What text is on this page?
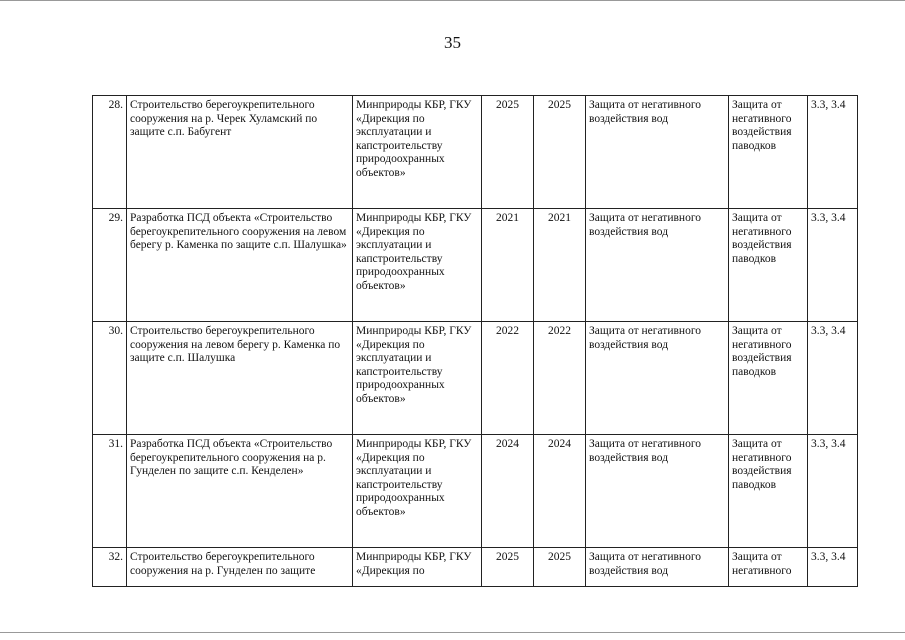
35
28.	Строительство берегоукрепительного сооружения на р. Черек Хуламский по защите с.п. Бабугент	Минприроды КБР, ГКУ «Дирекция по эксплуатации и капстроительству природоохранных объектов»	2025	2025	Защита от негативного воздействия вод	Защита от негативного воздействия паводков	3.3, 3.4
29.	Разработка ПСД объекта «Строительство берегоукрепительного сооружения на левом берегу р. Каменка по защите с.п. Шалушка»	Минприроды КБР, ГКУ «Дирекция по эксплуатации и капстроительству природоохранных объектов»	2021	2021	Защита от негативного воздействия вод	Защита от негативного воздействия паводков	3.3, 3.4
30.	Строительство берегоукрепительного сооружения на левом берегу р. Каменка по защите с.п. Шалушка	Минприроды КБР, ГКУ «Дирекция по эксплуатации и капстроительству природоохранных объектов»	2022	2022	Защита от негативного воздействия вод	Защита от негативного воздействия паводков	3.3, 3.4
31.	Разработка ПСД объекта «Строительство берегоукрепительного сооружения на р. Гунделен по защите с.п. Кенделен»	Минприроды КБР, ГКУ «Дирекция по эксплуатации и капстроительству природоохранных объектов»	2024	2024	Защита от негативного воздействия вод	Защита от негативного воздействия паводков	3.3, 3.4
32.	Строительство берегоукрепительного сооружения на р. Гунделен по защите	Минприроды КБР, ГКУ «Дирекция по	2025	2025	Защита от негативного воздействия вод	Защита от негативного	3.3, 3.4
